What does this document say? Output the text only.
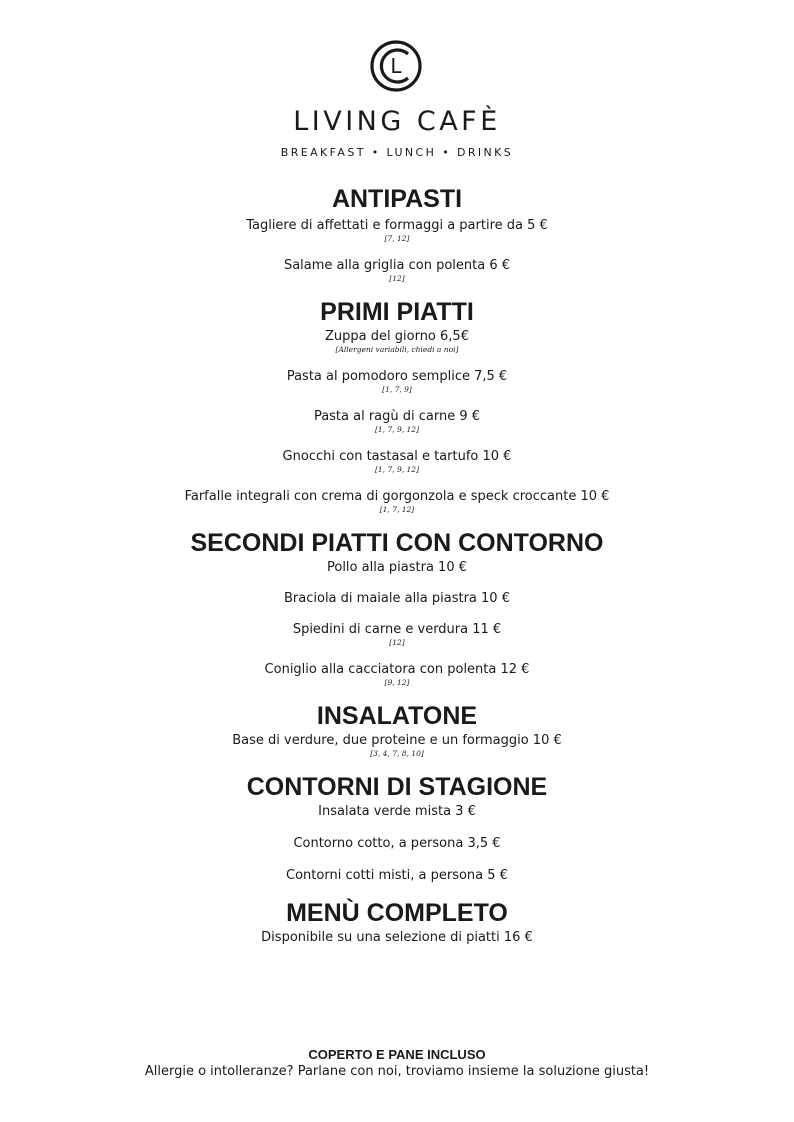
L
LIVING CAFÈ
BREAKFAST • LUNCH • DRINKS
ANTIPASTI
Tagliere di affettati e formaggi a partire da 5 €
[7, 12]
Salame alla griglia con polenta 6 €
[12]
PRIMI PIATTI
Zuppa del giorno 6,5€
[Allergeni variabili, chiedi a noi]
Pasta al pomodoro semplice 7,5 €
[1, 7, 9]
Pasta al ragù di carne 9 €
[1, 7, 9, 12]
Gnocchi con tastasal e tartufo 10 €
[1, 7, 9, 12]
Farfalle integrali con crema di gorgonzola e speck croccante 10 €
[1, 7, 12]
SECONDI PIATTI CON CONTORNO
Pollo alla piastra 10 €
Braciola di maiale alla piastra 10 €
Spiedini di carne e verdura 11 €
[12]
Coniglio alla cacciatora con polenta 12 €
[9, 12]
INSALATONE
Base di verdure, due proteine e un formaggio 10 €
[3, 4, 7, 8, 10]
CONTORNI DI STAGIONE
Insalata verde mista 3 €
Contorno cotto, a persona 3,5 €
Contorni cotti misti, a persona 5 €
MENÙ COMPLETO
Disponibile su una selezione di piatti 16 €
COPERTO E PANE INCLUSO
Allergie o intolleranze? Parlane con noi, troviamo insieme la soluzione giusta!
